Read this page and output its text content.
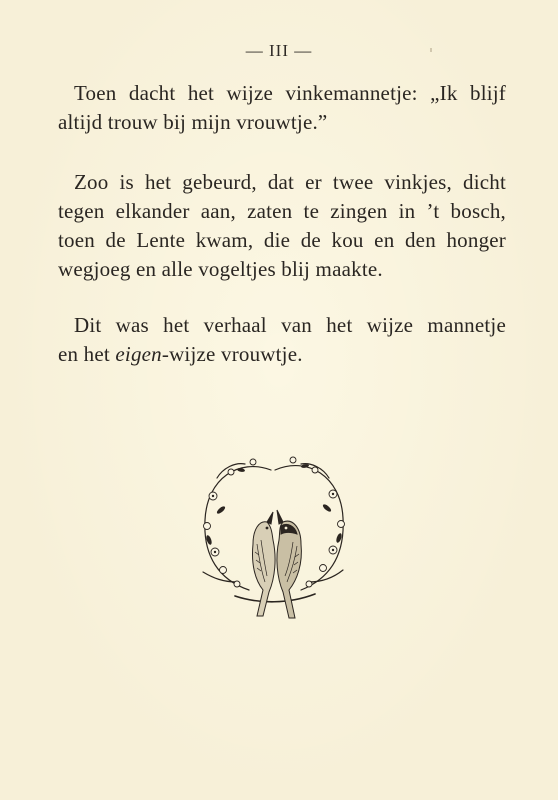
— III —
Toen dacht het wijze vinkemannetje: „Ik blijf
altijd trouw bij mijn vrouwtje.”
Zoo is het gebeurd, dat er twee vinkjes, dicht
tegen elkander aan, zaten te zingen in ’t bosch,
toen de Lente kwam, die de kou en den honger
wegjoeg en alle vogeltjes blij maakte.
Dit was het verhaal van het wijze mannetje
en het eigen-wijze vrouwtje.
